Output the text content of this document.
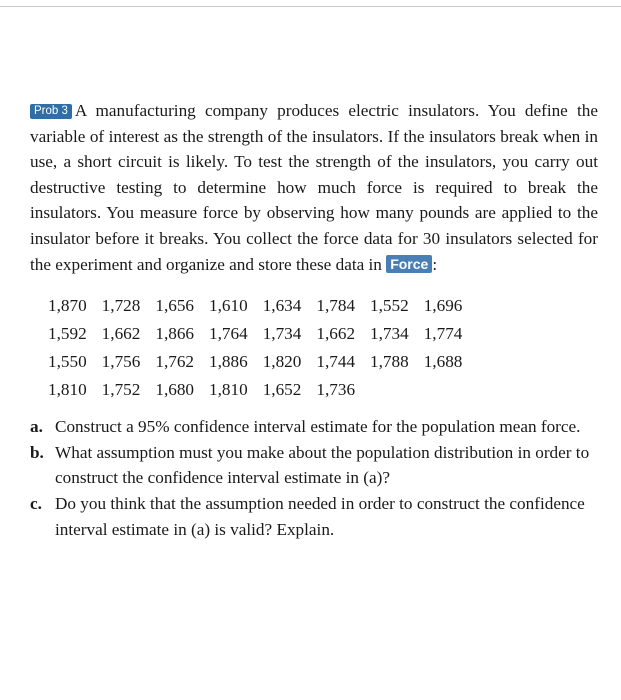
Prob 3 A manufacturing company produces electric insulators. You define the variable of interest as the strength of the insulators. If the insulators break when in use, a short circuit is likely. To test the strength of the insulators, you carry out destructive testing to determine how much force is required to break the insulators. You measure force by observing how many pounds are applied to the insulator before it breaks. You collect the force data for 30 insulators selected for the experiment and organize and store these data in Force :

1,870	1,728	1,656	1,610	1,634	1,784	1,552	1,696
1,592	1,662	1,866	1,764	1,734	1,662	1,734	1,774
1,550	1,756	1,762	1,886	1,820	1,744	1,788	1,688
1,810	1,752	1,680	1,810	1,652	1,736		
a. Construct a 95% confidence interval estimate for the population mean force.
b. What assumption must you make about the population distribution in order to construct the confidence interval estimate in (a)?
c. Do you think that the assumption needed in order to construct the confidence interval estimate in (a) is valid? Explain.
